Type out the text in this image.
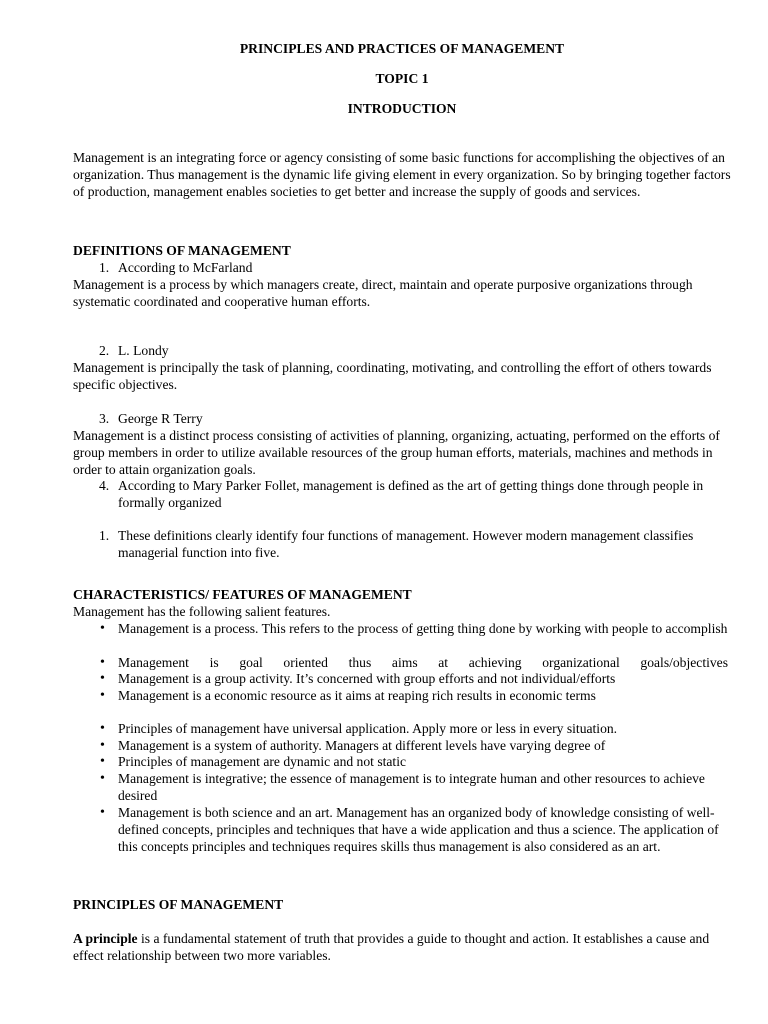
PRINCIPLES AND PRACTICES OF MANAGEMENT
TOPIC 1
INTRODUCTION

Management is an integrating force or agency consisting of some basic functions for accomplishing the objectives of an organization. Thus management is the dynamic life giving element in every organization. So by bringing together factors of production, management enables societies to get better and increase the supply of goods and services.

DEFINITIONS OF MANAGEMENT
1. According to McFarland

Management is a process by which managers create, direct, maintain and operate purposive organizations through systematic coordinated and cooperative human efforts.

2. L. Londy

Management is principally the task of planning, coordinating, motivating, and controlling the effort of others towards specific objectives.

3. George R Terry

Management is a distinct process consisting of activities of planning, organizing, actuating, performed on the efforts of group members in order to utilize available resources of the group human efforts, materials, machines and methods in order to attain organization goals.

4. According to Mary Parker Follet, management is defined as the art of getting things done through people in formally organized
1. These definitions clearly identify four functions of management. However modern management classifies managerial function into five.
CHARACTERISTICS/ FEATURES OF MANAGEMENT

Management has the following salient features.

• Management is a process. This refers to the process of getting thing done by working with people to accomplish
• Management is goal oriented thus aims at achieving organizational goals/objectives
• Management is a group activity. It’s concerned with group efforts and not individual/efforts
• Management is a economic resource as it aims at reaping rich results in economic terms
• Principles of management have universal application. Apply more or less in every situation.
• Management is a system of authority. Managers at different levels have varying degree of
• Principles of management are dynamic and not static
• Management is integrative; the essence of management is to integrate human and other resources to achieve desired
• Management is both science and an art. Management has an organized body of knowledge consisting of well-defined concepts, principles and techniques that have a wide application and thus a science. The application of this concepts principles and techniques requires skills thus management is also considered as an art.
PRINCIPLES OF MANAGEMENT

A principle is a fundamental statement of truth that provides a guide to thought and action. It establishes a cause and effect relationship between two more variables.
